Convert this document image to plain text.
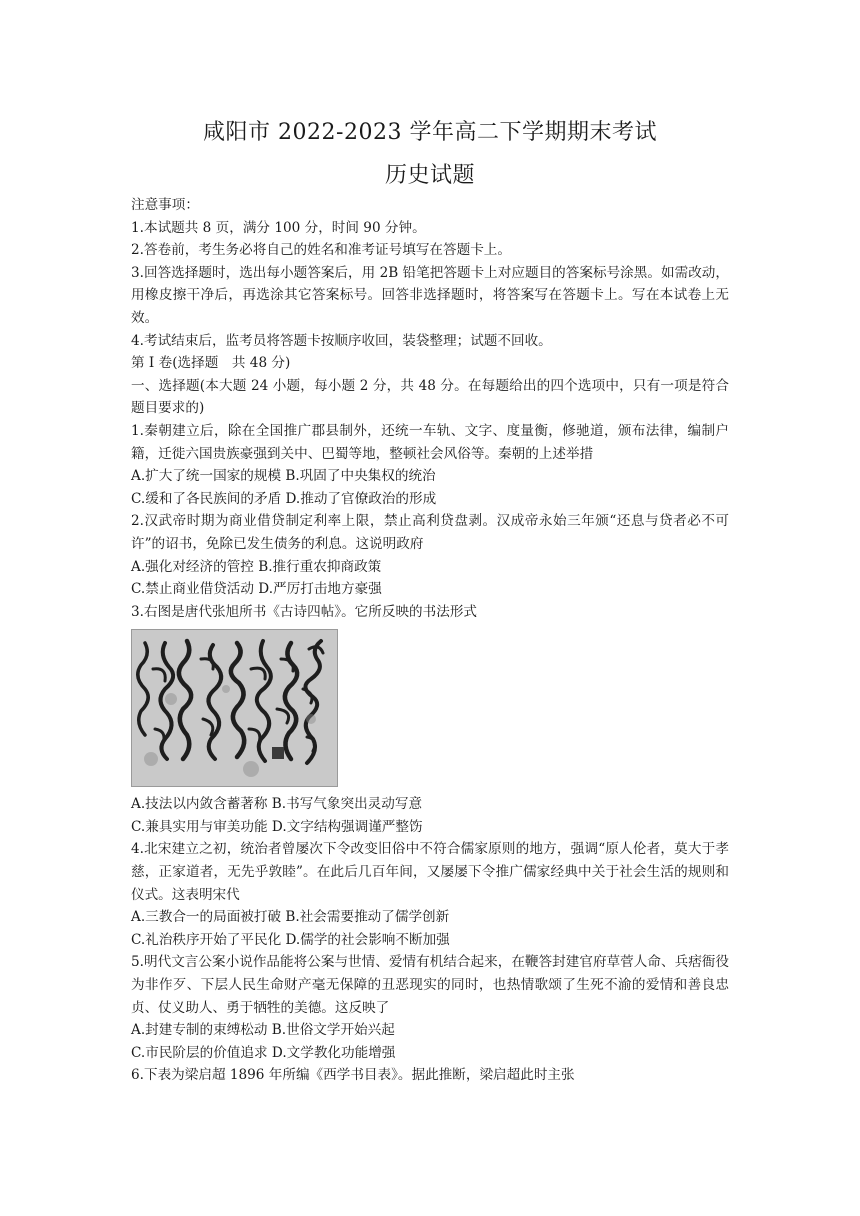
咸阳市 2022-2023 学年高二下学期期末考试
历史试题

注意事项：

1.本试题共 8 页，满分 100 分，时间 90 分钟。

2.答卷前，考生务必将自己的姓名和准考证号填写在答题卡上。

3.回答选择题时，选出每小题答案后，用 2B 铅笔把答题卡上对应题目的答案标号涂黑。如需改动，用橡皮擦干净后，再选涂其它答案标号。回答非选择题时，将答案写在答题卡上。写在本试卷上无效。

4.考试结束后，监考员将答题卡按顺序收回，装袋整理；试题不回收。

第 I 卷(选择题　共 48 分)

一、选择题(本大题 24 小题，每小题 2 分，共 48 分。在每题给出的四个选项中，只有一项是符合题目要求的)

1.秦朝建立后，除在全国推广郡县制外，还统一车轨、文字、度量衡，修驰道，颁布法律，编制户籍，迁徙六国贵族豪强到关中、巴蜀等地，整顿社会风俗等。秦朝的上述举措

A.扩大了统一国家的规模 B.巩固了中央集权的统治

C.缓和了各民族间的矛盾 D.推动了官僚政治的形成

2.汉武帝时期为商业借贷制定利率上限，禁止高利贷盘剥。汉成帝永始三年颁“还息与贷者必不可许”的诏书，免除已发生债务的利息。这说明政府

A.强化对经济的管控 B.推行重农抑商政策

C.禁止商业借贷活动 D.严厉打击地方豪强

3.右图是唐代张旭所书《古诗四帖》。它所反映的书法形式

A.技法以内敛含蓄著称 B.书写气象突出灵动写意

C.兼具实用与审美功能 D.文字结构强调谨严整饬

4.北宋建立之初，统治者曾屡次下令改变旧俗中不符合儒家原则的地方，强调“原人伦者，莫大于孝慈，正家道者，无先乎敦睦”。在此后几百年间，又屡屡下令推广儒家经典中关于社会生活的规则和仪式。这表明宋代

A.三教合一的局面被打破 B.社会需要推动了儒学创新

C.礼治秩序开始了平民化 D.儒学的社会影响不断加强

5.明代文言公案小说作品能将公案与世情、爱情有机结合起来，在鞭答封建官府草菅人命、兵痞衙役为非作歹、下层人民生命财产毫无保障的丑恶现实的同时，也热情歌颂了生死不渝的爱情和善良忠贞、仗义助人、勇于牺牲的美德。这反映了

A.封建专制的束缚松动 B.世俗文学开始兴起

C.市民阶层的价值追求 D.文学教化功能增强

6.下表为梁启超 1896 年所编《西学书目表》。据此推断，梁启超此时主张
